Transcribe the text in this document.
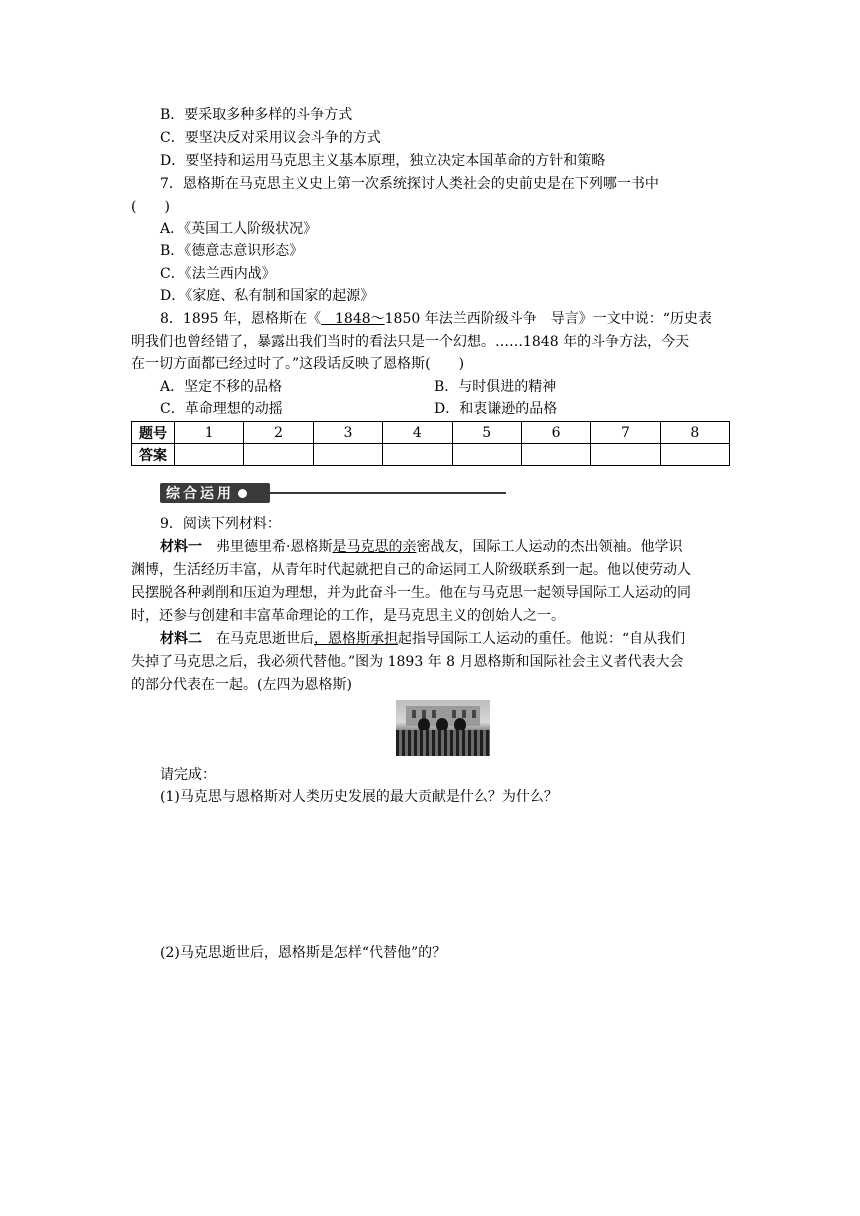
B．要采取多种多样的斗争方式
C．要坚决反对采用议会斗争的方式
D．要坚持和运用马克思主义基本原理，独立决定本国革命的方针和策略
7．恩格斯在马克思主义史上第一次系统探讨人类社会的史前史是在下列哪一书中
(　　)
A．《英国工人阶级状况》
B．《德意志意识形态》
C．《法兰西内战》
D．《家庭、私有制和国家的起源》
8．1895 年，恩格斯在《　1848～1850 年法兰西阶级斗争　导言》一文中说：“历史表
明我们也曾经错了，暴露出我们当时的看法只是一个幻想。……1848 年的斗争方法，今天
在一切方面都已经过时了。”这段话反映了恩格斯(　　)
A．坚定不移的品格	B．与时俱进的精神
C．革命理想的动摇	D．和衷谦逊的品格
题号	1	2	3	4	5	6	7	8
答案								
综合运用
9．阅读下列材料：
材料一　弗里德里希·恩格斯是马克思的亲密战友，国际工人运动的杰出领袖。他学识
渊博，生活经历丰富，从青年时代起就把自己的命运同工人阶级联系到一起。他以使劳动人
民摆脱各种剥削和压迫为理想，并为此奋斗一生。他在与马克思一起领导国际工人运动的同
时，还参与创建和丰富革命理论的工作，是马克思主义的创始人之一。
材料二　在马克思逝世后，恩格斯承担起指导国际工人运动的重任。他说：“自从我们
失掉了马克思之后，我必须代替他。”图为 1893 年 8 月恩格斯和国际社会主义者代表大会
的部分代表在一起。(左四为恩格斯)
请完成：
(1)马克思与恩格斯对人类历史发展的最大贡献是什么？为什么？
(2)马克思逝世后，恩格斯是怎样“代替他”的？
